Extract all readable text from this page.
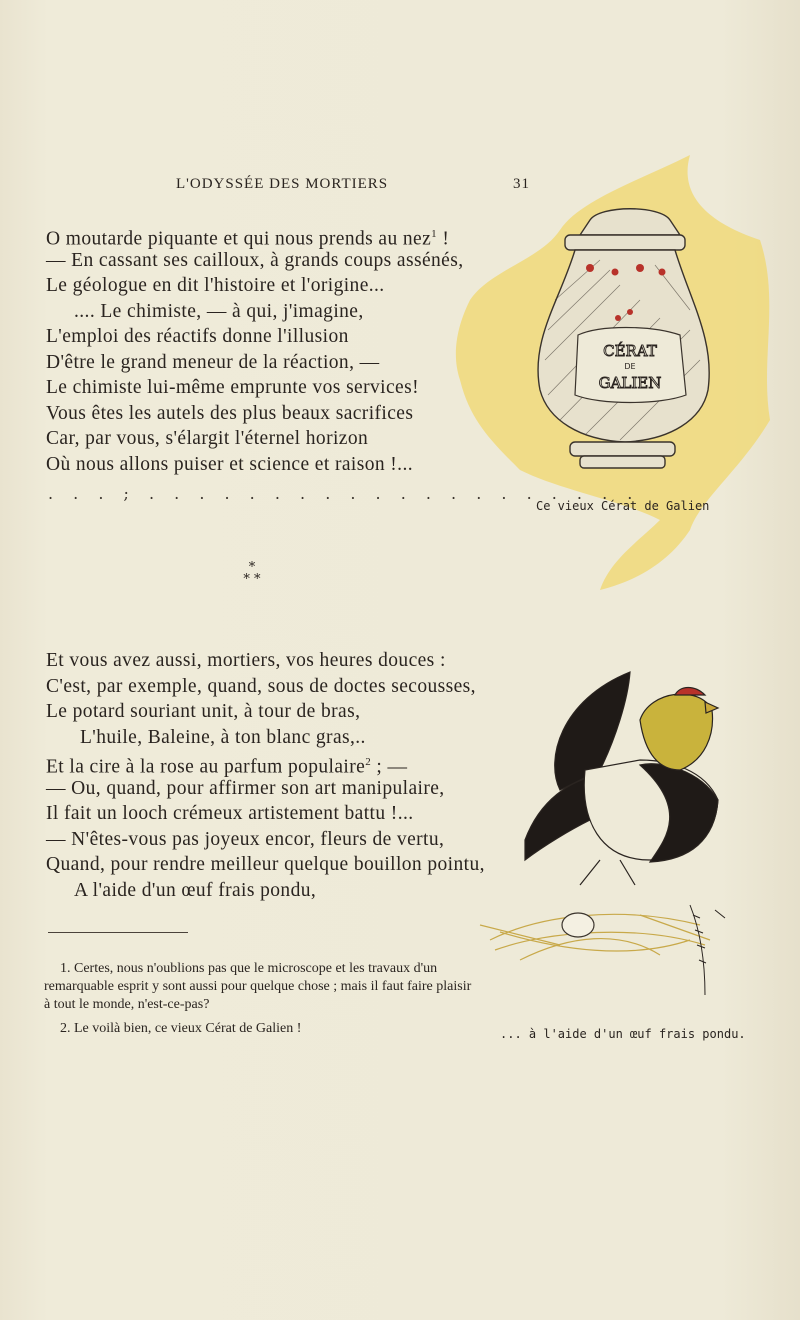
L'ODYSSÉE DES MORTIERS	31
CÉRAT
DE
GALIEN
O moutarde piquante et qui nous prends au nez$^1$ !
— En cassant ses cailloux, à grands coups assénés,
Le géologue en dit l'histoire et l'origine...
.... Le chimiste, — à qui, j'imagine,
L'emploi des réactifs donne l'illusion
D'être le grand meneur de la réaction, —
Le chimiste lui-même emprunte vos services!
Vous êtes les autels des plus beaux sacrifices
Car, par vous, s'élargit l'éternel horizon
Où nous allons puiser et science et raison !...
. . . ; . . . . . . . . . . . . . . . . . . . .
Ce vieux Cérat de Galien
*
* *
Et vous avez aussi, mortiers, vos heures douces :
C'est, par exemple, quand, sous de doctes secousses,
Le potard souriant unit, à tour de bras,
L'huile, Baleine, à ton blanc gras,..
Et la cire à la rose au parfum populaire$^2$ ; —
— Ou, quand, pour affirmer son art manipulaire,
Il fait un looch crémeux artistement battu !...
— N'êtes-vous pas joyeux encor, fleurs de vertu,
Quand, pour rendre meilleur quelque bouillon pointu,
A l'aide d'un œuf frais pondu,

1. Certes, nous n'oublions pas que le microscope et les travaux d'un remarquable esprit y sont aussi pour quelque chose ; mais il faut faire plaisir à tout le monde, n'est-ce-pas?

2. Le voilà bien, ce vieux Cérat de Galien !	... à l'aide d'un œuf frais pondu.
